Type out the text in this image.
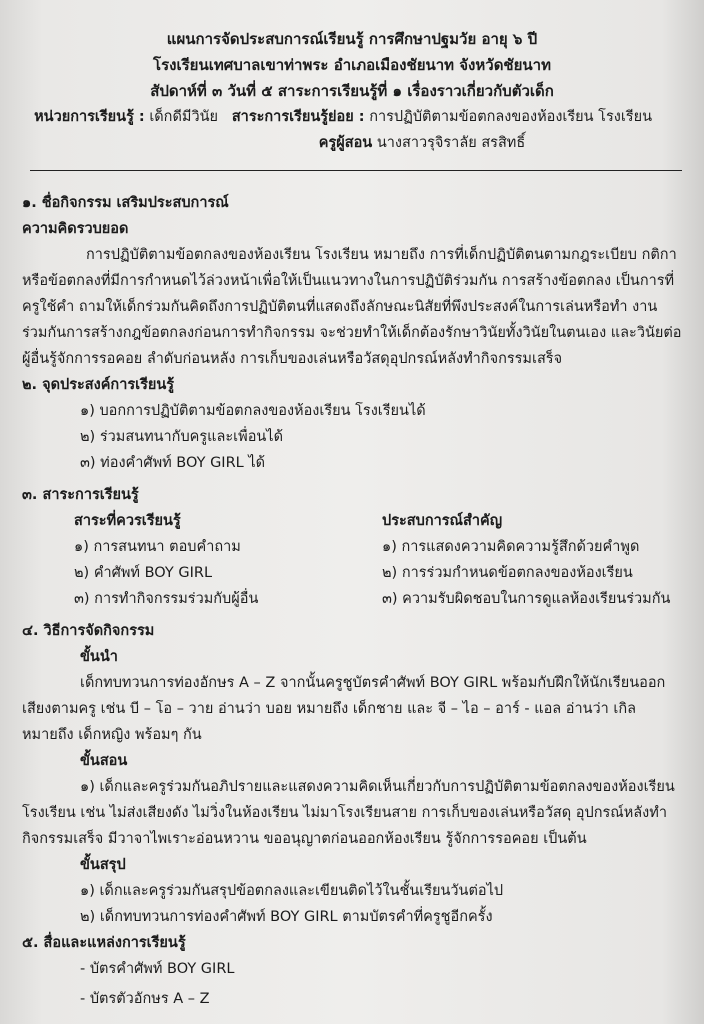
แผนการจัดประสบการณ์เรียนรู้ การศึกษาปฐมวัย อายุ ๖ ปี
โรงเรียนเทศบาลเขาท่าพระ อำเภอเมืองชัยนาท จังหวัดชัยนาท
สัปดาห์ที่ ๓ วันที่ ๕ สาระการเรียนรู้ที่ ๑ เรื่องราวเกี่ยวกับตัวเด็ก
หน่วยการเรียนรู้ : เด็กดีมีวินัย สาระการเรียนรู้ย่อย : การปฏิบัติตามข้อตกลงของห้องเรียน โรงเรียน
ครูผู้สอน นางสาวรุจิราลัย สรสิทธิ์
๑. ชื่อกิจกรรม เสริมประสบการณ์
ความคิดรวบยอด
การปฏิบัติตามข้อตกลงของห้องเรียน โรงเรียน หมายถึง การที่เด็กปฏิบัติตนตามกฎระเบียบ กติกา
หรือข้อตกลงที่มีการกำหนดไว้ล่วงหน้าเพื่อให้เป็นแนวทางในการปฏิบัติร่วมกัน การสร้างข้อตกลง เป็นการที่
ครูใช้คำ ถามให้เด็กร่วมกันคิดถึงการปฏิบัติตนที่แสดงถึงลักษณะนิสัยที่พึงประสงค์ในการเล่นหรือทำ งาน
ร่วมกันการสร้างกฎข้อตกลงก่อนการทำกิจกรรม จะช่วยทำให้เด็กต้องรักษาวินัยทั้งวินัยในตนเอง และวินัยต่อ
ผู้อื่นรู้จักการรอคอย ลำดับก่อนหลัง การเก็บของเล่นหรือวัสดุอุปกรณ์หลังทำกิจกรรมเสร็จ
๒. จุดประสงค์การเรียนรู้
๑) บอกการปฏิบัติตามข้อตกลงของห้องเรียน โรงเรียนได้
๒) ร่วมสนทนากับครูและเพื่อนได้
๓) ท่องคำศัพท์ BOY GIRL ได้
๓. สาระการเรียนรู้
สาระที่ควรเรียนรู้
๑) การสนทนา ตอบคำถาม
๒) คำศัพท์ BOY GIRL
๓) การทำกิจกรรมร่วมกับผู้อื่น
ประสบการณ์สำคัญ
๑) การแสดงความคิดความรู้สึกด้วยคำพูด
๒) การร่วมกำหนดข้อตกลงของห้องเรียน
๓) ความรับผิดชอบในการดูแลห้องเรียนร่วมกัน
๔. วิธีการจัดกิจกรรม
ขั้นนำ
เด็กทบทวนการท่องอักษร A – Z จากนั้นครูชูบัตรคำศัพท์ BOY GIRL พร้อมกับฝึกให้นักเรียนออก
เสียงตามครู เช่น บี – โอ – วาย อ่านว่า บอย หมายถึง เด็กชาย และ จี – ไอ – อาร์ - แอล อ่านว่า เกิล
หมายถึง เด็กหญิง พร้อมๆ กัน
ขั้นสอน
๑) เด็กและครูร่วมกันอภิปรายและแสดงความคิดเห็นเกี่ยวกับการปฏิบัติตามข้อตกลงของห้องเรียน
โรงเรียน เช่น ไม่ส่งเสียงดัง ไม่วิ่งในห้องเรียน ไม่มาโรงเรียนสาย การเก็บของเล่นหรือวัสดุ อุปกรณ์หลังทำ
กิจกรรมเสร็จ มีวาจาไพเราะอ่อนหวาน ขออนุญาตก่อนออกห้องเรียน รู้จักการรอคอย เป็นต้น
ขั้นสรุป
๑) เด็กและครูร่วมกันสรุปข้อตกลงและเขียนติดไว้ในชั้นเรียนวันต่อไป
๒) เด็กทบทวนการท่องคำศัพท์ BOY GIRL ตามบัตรคำที่ครูชูอีกครั้ง
๕. สื่อและแหล่งการเรียนรู้
- บัตรคำศัพท์ BOY GIRL
- บัตรตัวอักษร A – Z
